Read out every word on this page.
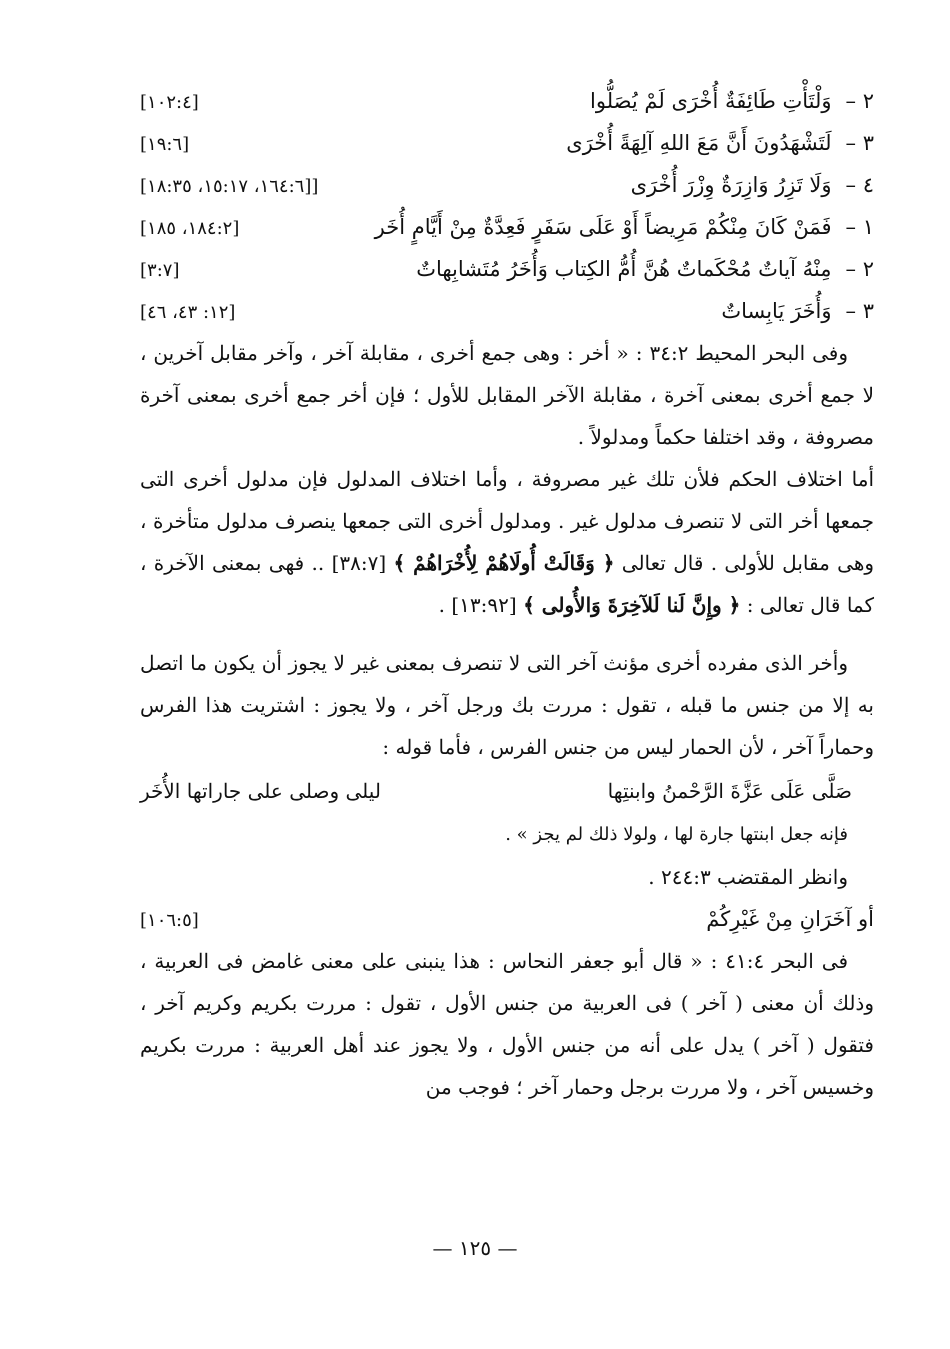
٢ –وَلْتَأْتِ طَائِفَةٌ أُخْرَى لَمْ يُصَلُّوا
[١٠٢:٤]
٣ –لَتَشْهَدُونَ أَنَّ مَعَ اللهِ آلِهَةً أُخْرَى
[١٩:٦]
٤ –وَلَا تَزِرُ وَازِرَةٌ وِزْرَ أُخْرَى
[١٦٤:٦، ١٥:١٧، ١٨:٣٥]]
١ –فَمَنْ كَانَ مِنْكُمْ مَرِيضاً أَوْ عَلَى سَفَرٍ فَعِدَّةٌ مِنْ أَيَّامٍ أُخَر
[١٨٤:٢، ١٨٥]
٢ –مِنْهُ آياتٌ مُحْكَماتٌ هُنَّ أُمُّ الكِتاب وَأُخَرُ مُتَشابِهاتٌ
[٣:٧]
٣ –وَأُخَرَ يَابِساتٌ
[١٢: ٤٣، ٤٦]

وفى البحر المحيط ٣٤:٢ : « أخر : وهى جمع أخرى ، مقابلة آخر ، وآخر مقابل آخرين ، لا جمع أخرى بمعنى آخرة ، مقابلة الآخر المقابل للأول ؛ فإن أخر جمع أخرى بمعنى آخرة مصروفة ، وقد اختلفا حكماً ومدلولاً .

أما اختلاف الحكم فلأن تلك غير مصروفة ، وأما اختلاف المدلول فإن مدلول أخرى التى جمعها أخر التى لا تنصرف مدلول غير . ومدلول أخرى التى جمعها ينصرف مدلول متأخرة ، وهى مقابل للأولى . قال تعالى ﴿ وَقَالَتْ أُولَاهُمْ لِأُخْرَاهُمْ ﴾ [٣٨:٧] .. فهى بمعنى الآخرة ، كما قال تعالى : ﴿ وإِنَّ لَنا لَلآخِرَةَ وَالأُولى ﴾ [١٣:٩٢] .

وأخر الذى مفرده أخرى مؤنث آخر التى لا تنصرف بمعنى غير لا يجوز أن يكون ما اتصل به إلا من جنس ما قبله ، تقول : مررت بك ورجل آخر ، ولا يجوز : اشتريت هذا الفرس وحماراً آخر ، لأن الحمار ليس من جنس الفرس ، فأما قوله :

صَلَّى عَلَى عَزَّةَ الرَّحْمنُ وابنتِها
ليلى وصلى على جاراتها الأُخَر

فإنه جعل ابنتها جارة لها ، ولولا ذلك لم يجز » .

وانظر المقتضب ٢٤٤:٣ .

أو آخَرَانِ مِنْ غَيْرِكُمْ
[١٠٦:٥]

فى البحر ٤١:٤ : « قال أبو جعفر النحاس : هذا ينبنى على معنى غامض فى العربية ، وذلك أن معنى ( آخر ) فى العربية من جنس الأول ، تقول : مررت بكريم وكريم آخر ، فتقول ( آخر ) يدل على أنه من جنس الأول ، ولا يجوز عند أهل العربية : مررت بكريم وخسيس آخر ، ولا مررت برجل وحمار آخر ؛ فوجب من

— ١٢٥ —
